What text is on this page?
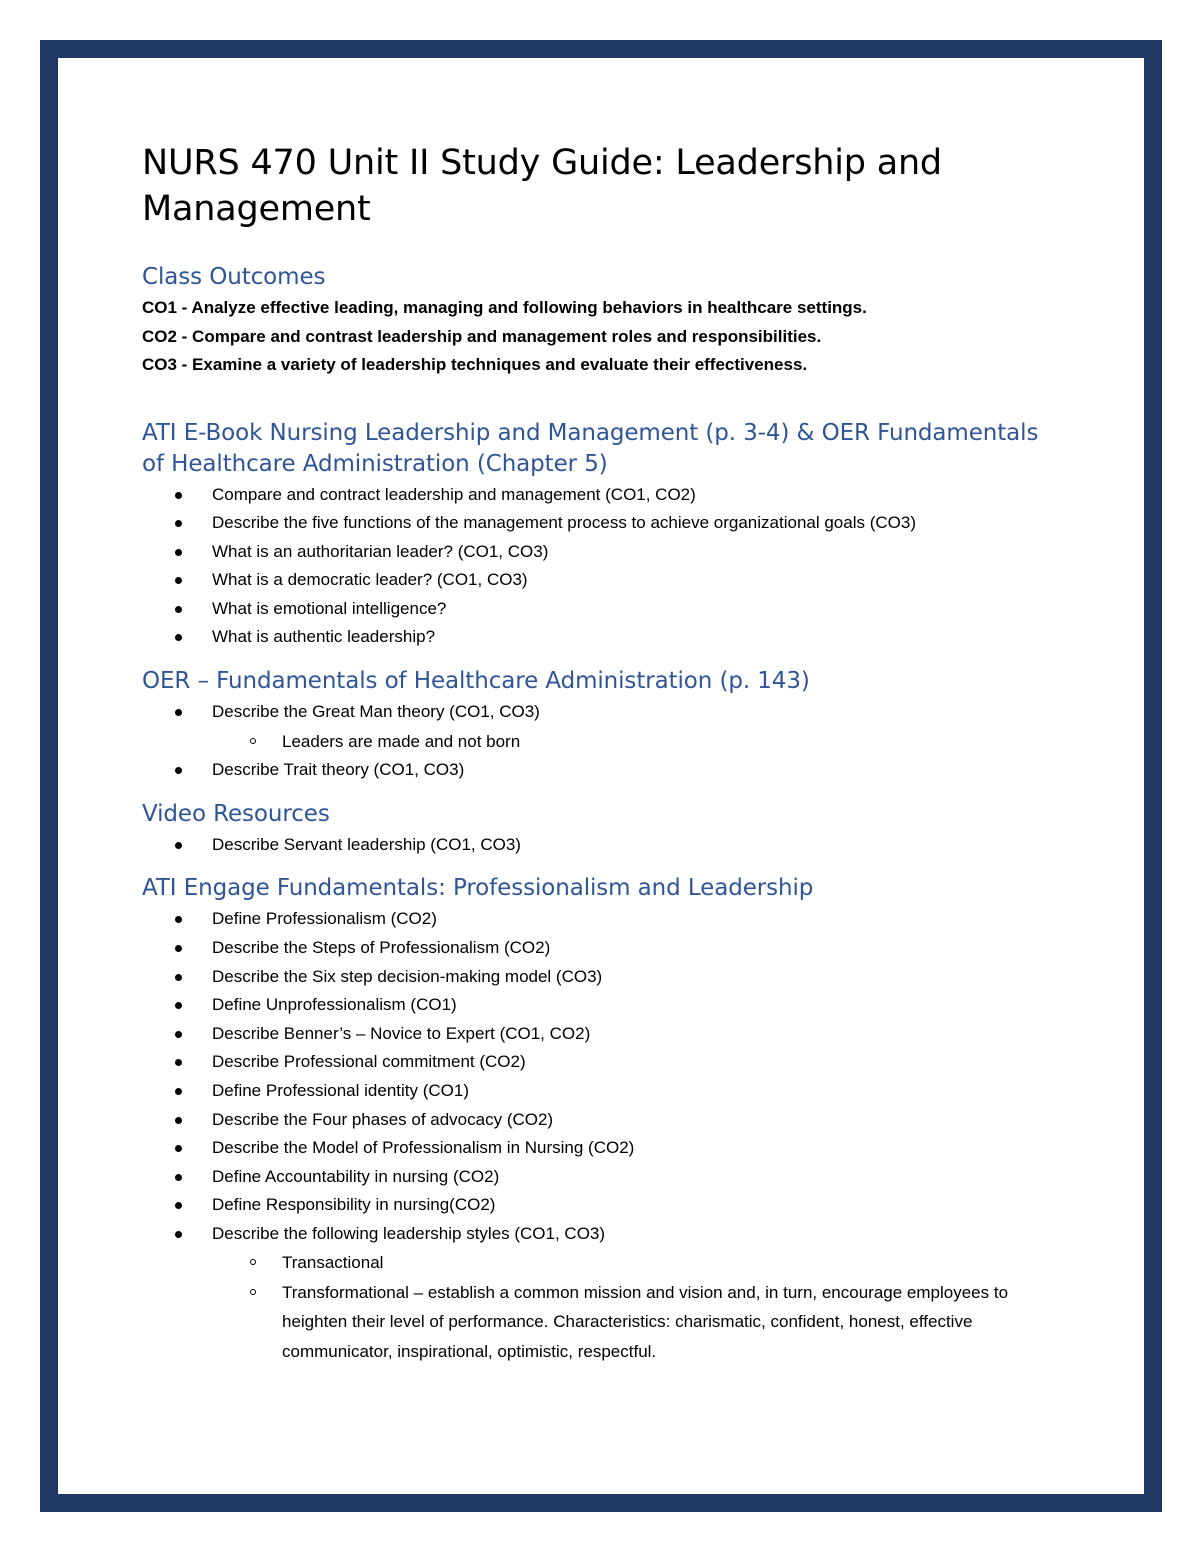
NURS 470 Unit II Study Guide: Leadership and Management
Class Outcomes

CO1 - Analyze effective leading, managing and following behaviors in healthcare settings.

CO2 - Compare and contrast leadership and management roles and responsibilities.

CO3 - Examine a variety of leadership techniques and evaluate their effectiveness.

ATI E-Book Nursing Leadership and Management (p. 3-4) & OER Fundamentals of Healthcare Administration (Chapter 5)
Compare and contract leadership and management (CO1, CO2)
Describe the five functions of the management process to achieve organizational goals (CO3)
What is an authoritarian leader? (CO1, CO3)
What is a democratic leader? (CO1, CO3)
What is emotional intelligence?
What is authentic leadership?
OER – Fundamentals of Healthcare Administration (p. 143)
Describe the Great Man theory (CO1, CO3)
Leaders are made and not born
Describe Trait theory (CO1, CO3)
Video Resources
Describe Servant leadership (CO1, CO3)
ATI Engage Fundamentals: Professionalism and Leadership
Define Professionalism (CO2)
Describe the Steps of Professionalism (CO2)
Describe the Six step decision-making model (CO3)
Define Unprofessionalism (CO1)
Describe Benner’s – Novice to Expert (CO1, CO2)
Describe Professional commitment (CO2)
Define Professional identity (CO1)
Describe the Four phases of advocacy (CO2)
Describe the Model of Professionalism in Nursing (CO2)
Define Accountability in nursing (CO2)
Define Responsibility in nursing(CO2)
Describe the following leadership styles (CO1, CO3)
Transactional
Transformational – establish a common mission and vision and, in turn, encourage employees to heighten their level of performance. Characteristics: charismatic, confident, honest, effective communicator, inspirational, optimistic, respectful.
